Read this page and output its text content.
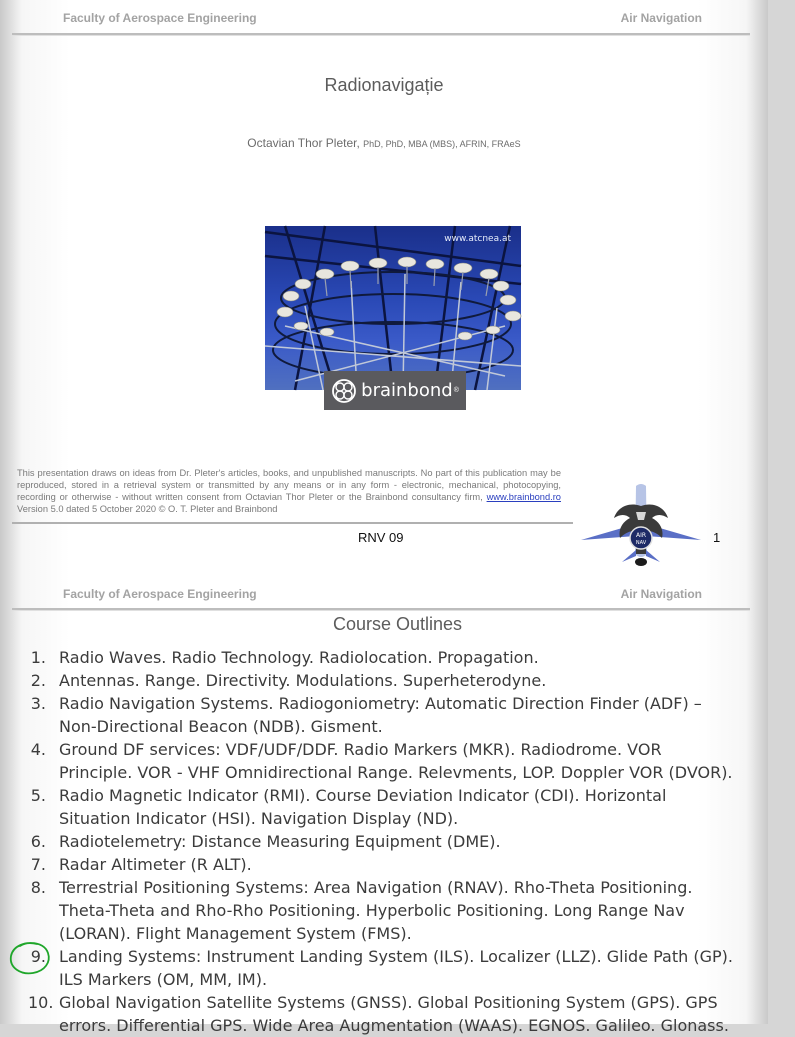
Faculty of Aerospace Engineering	Air Navigation
Radionavigație
Octavian Thor Pleter, PhD, PhD, MBA (MBS), AFRIN, FRAeS
www.atcnea.at
brainbond ®
This presentation draws on ideas from Dr. Pleter's articles, books, and unpublished manuscripts. No part of this publication may be reproduced, stored in a retrieval system or transmitted by any means or in any form - electronic, mechanical, photocopying, recording or otherwise - without written consent from Octavian Thor Pleter or the Brainbond consultancy firm, www.brainbond.ro Version 5.0 dated 5 October 2020 © O. T. Pleter and Brainbond
RNV 09	1
AIR
NAV
Faculty of Aerospace Engineering	Air Navigation
Course Outlines
1. Radio Waves. Radio Technology. Radiolocation. Propagation.
2. Antennas. Range. Directivity. Modulations. Superheterodyne.
3. Radio Navigation Systems. Radiogoniometry: Automatic Direction Finder (ADF) – Non-Directional Beacon (NDB). Gisment.
4. Ground DF services: VDF/UDF/DDF. Radio Markers (MKR). Radiodrome. VOR Principle. VOR - VHF Omnidirectional Range. Relevments, LOP. Doppler VOR (DVOR).
5. Radio Magnetic Indicator (RMI). Course Deviation Indicator (CDI). Horizontal Situation Indicator (HSI). Navigation Display (ND).
6. Radiotelemetry: Distance Measuring Equipment (DME).
7. Radar Altimeter (R ALT).
8. Terrestrial Positioning Systems: Area Navigation (RNAV). Rho-Theta Positioning. Theta-Theta and Rho-Rho Positioning. Hyperbolic Positioning. Long Range Nav (LORAN). Flight Management System (FMS).
9. Landing Systems: Instrument Landing System (ILS). Localizer (LLZ). Glide Path (GP). ILS Markers (OM, MM, IM).
10. Global Navigation Satellite Systems (GNSS). Global Positioning System (GPS). GPS errors. Differential GPS. Wide Area Augmentation (WAAS). EGNOS. Galileo. Glonass.
